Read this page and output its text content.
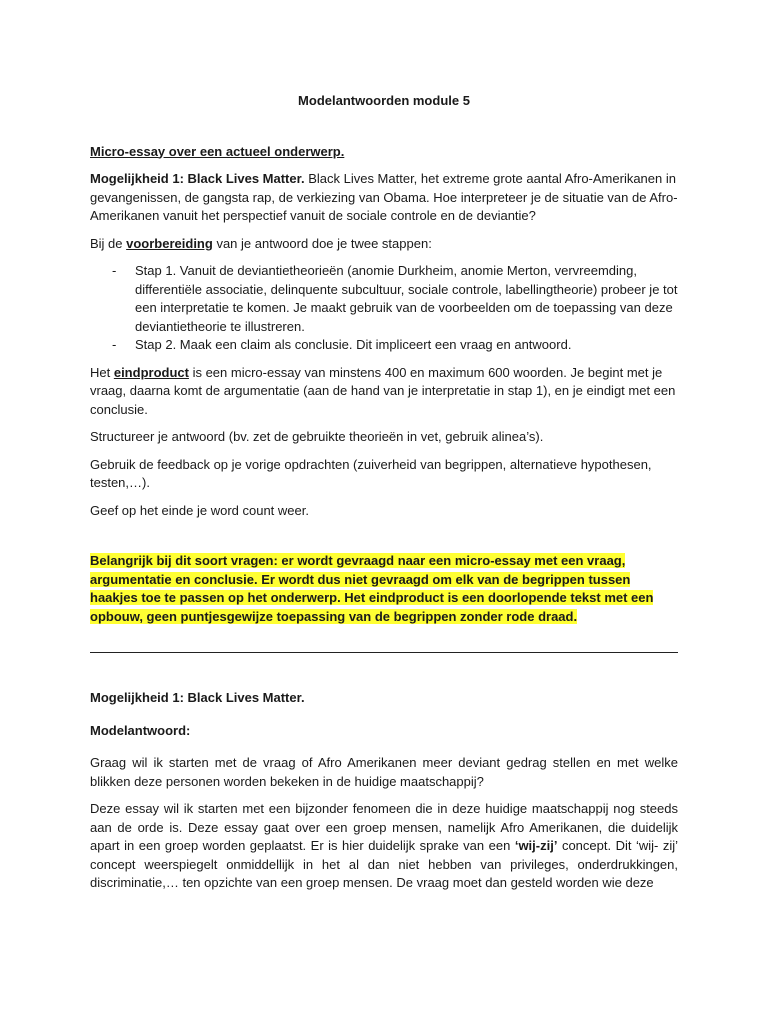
Modelantwoorden module 5

Micro-essay over een actueel onderwerp.

Mogelijkheid 1: Black Lives Matter. Black Lives Matter, het extreme grote aantal Afro-Amerikanen in gevangenissen, de gangsta rap, de verkiezing van Obama. Hoe interpreteer je de situatie van de Afro-Amerikanen vanuit het perspectief vanuit de sociale controle en de deviantie?

Bij de voorbereiding van je antwoord doe je twee stappen:

- Stap 1. Vanuit de deviantietheorieën (anomie Durkheim, anomie Merton, vervreemding, differentiële associatie, delinquente subcultuur, sociale controle, labellingtheorie) probeer je tot een interpretatie te komen. Je maakt gebruik van de voorbeelden om de toepassing van deze deviantietheorie te illustreren.
- Stap 2. Maak een claim als conclusie. Dit impliceert een vraag en antwoord.

Het eindproduct is een micro-essay van minstens 400 en maximum 600 woorden. Je begint met je vraag, daarna komt de argumentatie (aan de hand van je interpretatie in stap 1), en je eindigt met een conclusie.

Structureer je antwoord (bv. zet de gebruikte theorieën in vet, gebruik alinea’s).

Gebruik de feedback op je vorige opdrachten (zuiverheid van begrippen, alternatieve hypothesen, testen,…).

Geef op het einde je word count weer.

Belangrijk bij dit soort vragen: er wordt gevraagd naar een micro-essay met een vraag, argumentatie en conclusie. Er wordt dus niet gevraagd om elk van de begrippen tussen haakjes toe te passen op het onderwerp. Het eindproduct is een doorlopende tekst met een opbouw, geen puntjesgewijze toepassing van de begrippen zonder rode draad.

Mogelijkheid 1: Black Lives Matter.

Modelantwoord:

Graag wil ik starten met de vraag of Afro Amerikanen meer deviant gedrag stellen en met welke blikken deze personen worden bekeken in de huidige maatschappij?

Deze essay wil ik starten met een bijzonder fenomeen die in deze huidige maatschappij nog steeds aan de orde is. Deze essay gaat over een groep mensen, namelijk Afro Amerikanen, die duidelijk apart in een groep worden geplaatst. Er is hier duidelijk sprake van een ‘wij-zij’ concept. Dit ‘wij- zij’ concept weerspiegelt onmiddellijk in het al dan niet hebben van privileges, onderdrukkingen, discriminatie,… ten opzichte van een groep mensen. De vraag moet dan gesteld worden wie deze
